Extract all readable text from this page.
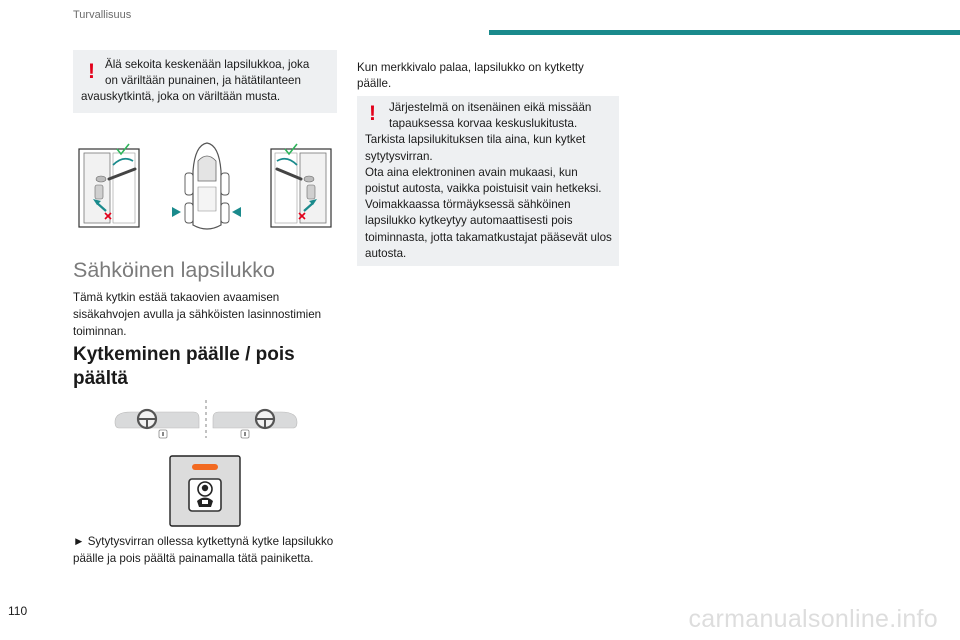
Turvallisuus
! Älä sekoita keskenään lapsilukkoa, joka

on väriltään punainen, ja hätätilanteen

avauskytkintä, joka on väriltään musta.

Sähköinen lapsilukko

Tämä kytkin estää takaovien avaamisen sisäkahvojen avulla ja sähköisten lasinnostimien toiminnan.

Kytkeminen päälle / pois päältä

► Sytytysvirran ollessa kytkettynä kytke lapsilukko päälle ja pois päältä painamalla tätä painiketta.

Kun merkkivalo palaa, lapsilukko on kytketty päälle.

!	Järjestelmä on itsenäinen eikä missään

tapauksessa korvaa keskuslukitusta.

Tarkista lapsilukituksen tila aina, kun kytket sytytysvirran.
Ota aina elektroninen avain mukaasi, kun poistut autosta, vaikka poistuisit vain hetkeksi.
Voimakkaassa törmäyksessä sähköinen lapsilukko kytkeytyy automaattisesti pois toiminnasta, jotta takamatkustajat pääsevät ulos autosta.

110	carmanualsonline.info
